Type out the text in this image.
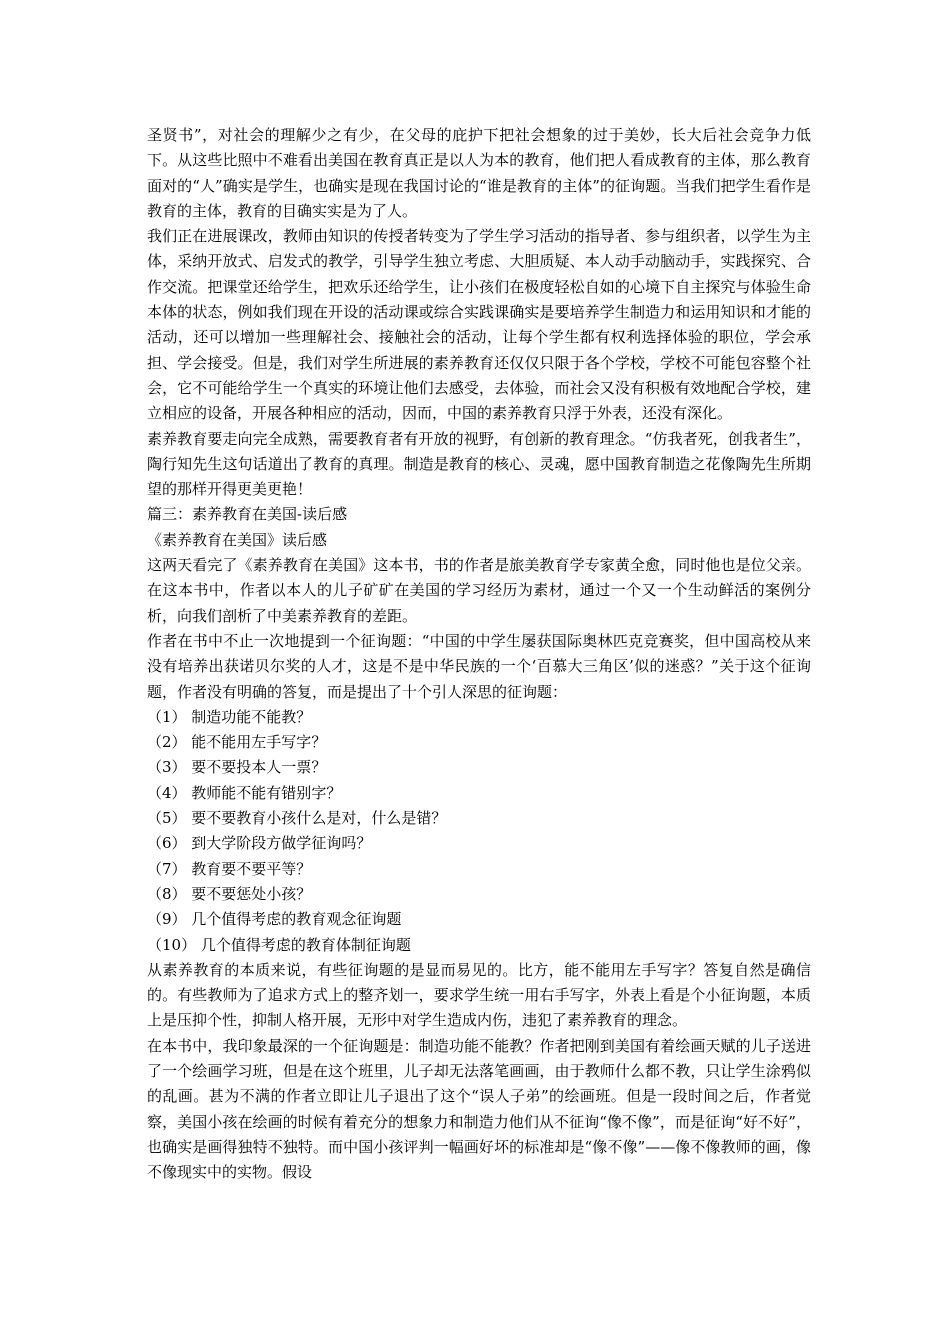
圣贤书”，对社会的理解少之有少，在父母的庇护下把社会想象的过于美妙，长大后社会竞争力低下。从这些比照中不难看出美国在教育真正是以人为本的教育，他们把人看成教育的主体，那么教育面对的“人”确实是学生，也确实是现在我国讨论的“谁是教育的主体”的征询题。当我们把学生看作是教育的主体，教育的目确实实是为了人。

我们正在进展课改，教师由知识的传授者转变为了学生学习活动的指导者、参与组织者，以学生为主体，采纳开放式、启发式的教学，引导学生独立考虑、大胆质疑、本人动手动脑动手，实践探究、合作交流。把课堂还给学生，把欢乐还给学生，让小孩们在极度轻松自如的心境下自主探究与体验生命本体的状态，例如我们现在开设的活动课或综合实践课确实是要培养学生制造力和运用知识和才能的活动，还可以增加一些理解社会、接触社会的活动，让每个学生都有权利选择体验的职位，学会承担、学会接受。但是，我们对学生所进展的素养教育还仅仅只限于各个学校，学校不可能包容整个社会，它不可能给学生一个真实的环境让他们去感受，去体验，而社会又没有积极有效地配合学校，建立相应的设备，开展各种相应的活动，因而，中国的素养教育只浮于外表，还没有深化。

素养教育要走向完全成熟，需要教育者有开放的视野，有创新的教育理念。“仿我者死，创我者生”，陶行知先生这句话道出了教育的真理。制造是教育的核心、灵魂，愿中国教育制造之花像陶先生所期望的那样开得更美更艳！

篇三：素养教育在美国-读后感

《素养教育在美国》读后感

这两天看完了《素养教育在美国》这本书，书的作者是旅美教育学专家黄全愈，同时他也是位父亲。在这本书中，作者以本人的儿子矿矿在美国的学习经历为素材，通过一个又一个生动鲜活的案例分析，向我们剖析了中美素养教育的差距。

作者在书中不止一次地提到一个征询题：“中国的中学生屡获国际奥林匹克竞赛奖，但中国高校从来没有培养出获诺贝尔奖的人才，这是不是中华民族的一个‘百慕大三角区’似的迷惑？”关于这个征询题，作者没有明确的答复，而是提出了十个引人深思的征询题：

（1） 制造功能不能教？

（2） 能不能用左手写字？

（3） 要不要投本人一票？

（4） 教师能不能有错别字？

（5） 要不要教育小孩什么是对，什么是错？

（6） 到大学阶段方做学征询吗？

（7） 教育要不要平等？

（8） 要不要惩处小孩？

（9） 几个值得考虑的教育观念征询题

（10） 几个值得考虑的教育体制征询题

从素养教育的本质来说，有些征询题的是显而易见的。比方，能不能用左手写字？答复自然是确信的。有些教师为了追求方式上的整齐划一，要求学生统一用右手写字，外表上看是个小征询题，本质上是压抑个性，抑制人格开展，无形中对学生造成内伤，违犯了素养教育的理念。

在本书中，我印象最深的一个征询题是：制造功能不能教？作者把刚到美国有着绘画天赋的儿子送进了一个绘画学习班，但是在这个班里，儿子却无法落笔画画，由于教师什么都不教，只让学生涂鸦似的乱画。甚为不满的作者立即让儿子退出了这个“误人子弟”的绘画班。但是一段时间之后，作者觉察，美国小孩在绘画的时候有着充分的想象力和制造力他们从不征询“像不像”，而是征询“好不好”，也确实是画得独特不独特。而中国小孩评判一幅画好坏的标准却是“像不像”——像不像教师的画，像不像现实中的实物。假设
